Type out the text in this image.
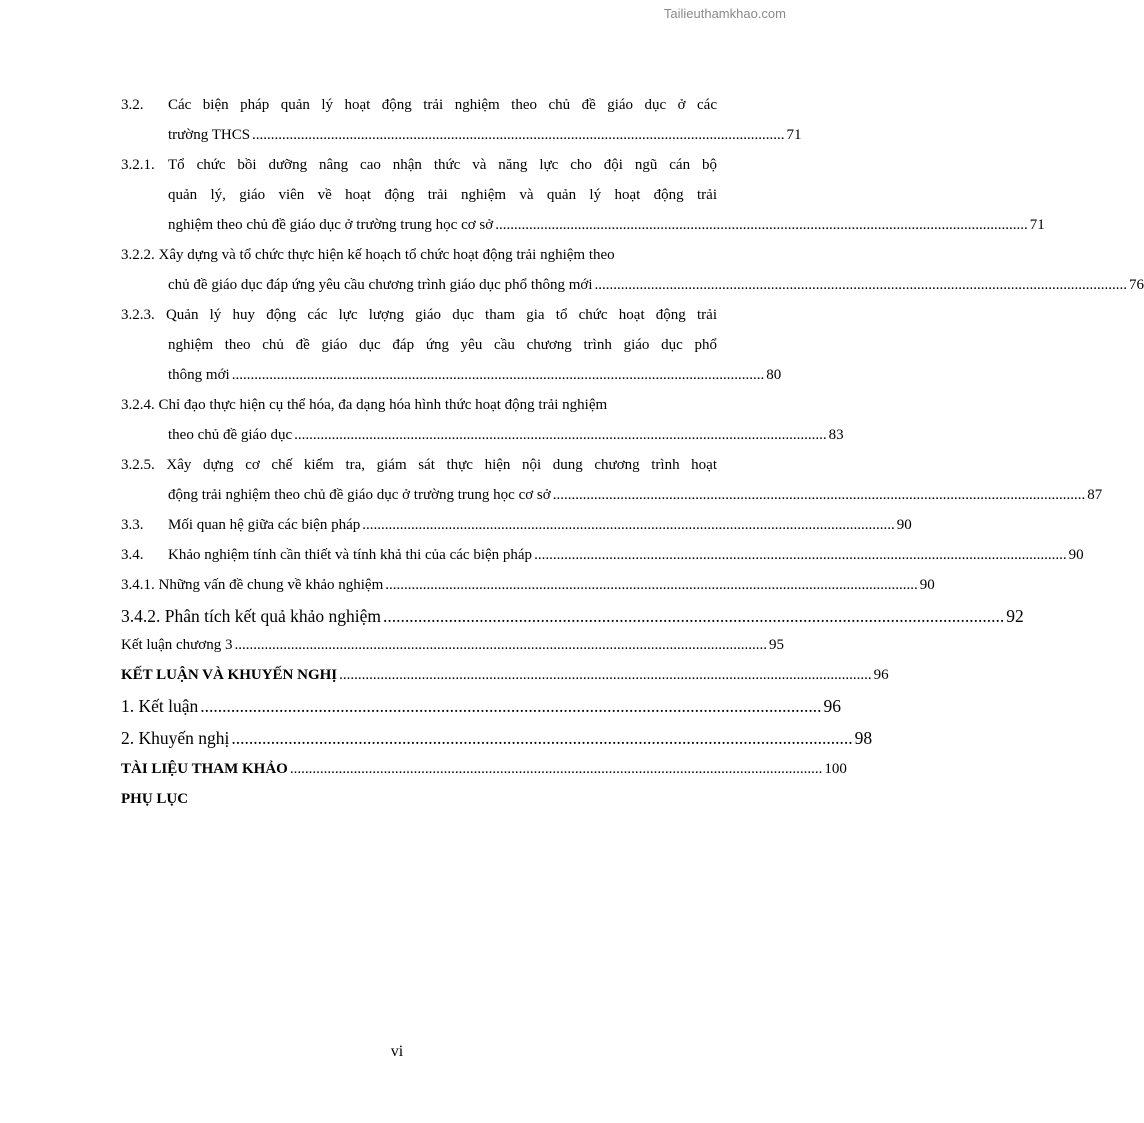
Tailieuthamkhao.com
3.2. Các biện pháp quản lý hoạt động trải nghiệm theo chủ đề giáo dục ở các
trường THCS .............................................................................................................................................. 71
3.2.1. Tổ chức bồi dưỡng nâng cao nhận thức và năng lực cho đội ngũ cán bộ
quản lý, giáo viên về hoạt động trải nghiệm và quản lý hoạt động trải
nghiệm theo chủ đề giáo dục ở trường trung học cơ sở .............................................................................................................................................. 71
3.2.2. Xây dựng và tổ chức thực hiện kế hoạch tổ chức hoạt động trải nghiệm theo
chủ đề giáo dục đáp ứng yêu cầu chương trình giáo dục phổ thông mới .............................................................................................................................................. 76
3.2.3. Quản lý huy động các lực lượng giáo dục tham gia tổ chức hoạt động trải
nghiệm theo chủ đề giáo dục đáp ứng yêu cầu chương trình giáo dục phổ
thông mới .............................................................................................................................................. 80
3.2.4. Chỉ đạo thực hiện cụ thể hóa, đa dạng hóa hình thức hoạt động trải nghiệm
theo chủ đề giáo dục .............................................................................................................................................. 83
3.2.5. Xây dựng cơ chế kiểm tra, giám sát thực hiện nội dung chương trình hoạt
động trải nghiệm theo chủ đề giáo dục ở trường trung học cơ sở .............................................................................................................................................. 87
3.3. Mối quan hệ giữa các biện pháp .............................................................................................................................................. 90
3.4. Khảo nghiệm tính cần thiết và tính khả thi của các biện pháp .............................................................................................................................................. 90
3.4.1. Những vấn đề chung về khảo nghiệm .............................................................................................................................................. 90
3.4.2. Phân tích kết quả khảo nghiệm .............................................................................................................................................. 92
Kết luận chương 3 .............................................................................................................................................. 95
KẾT LUẬN VÀ KHUYẾN NGHỊ .............................................................................................................................................. 96
1. Kết luận .............................................................................................................................................. 96
2. Khuyến nghị .............................................................................................................................................. 98
TÀI LIỆU THAM KHẢO .............................................................................................................................................. 100
PHỤ LỤC
vi
